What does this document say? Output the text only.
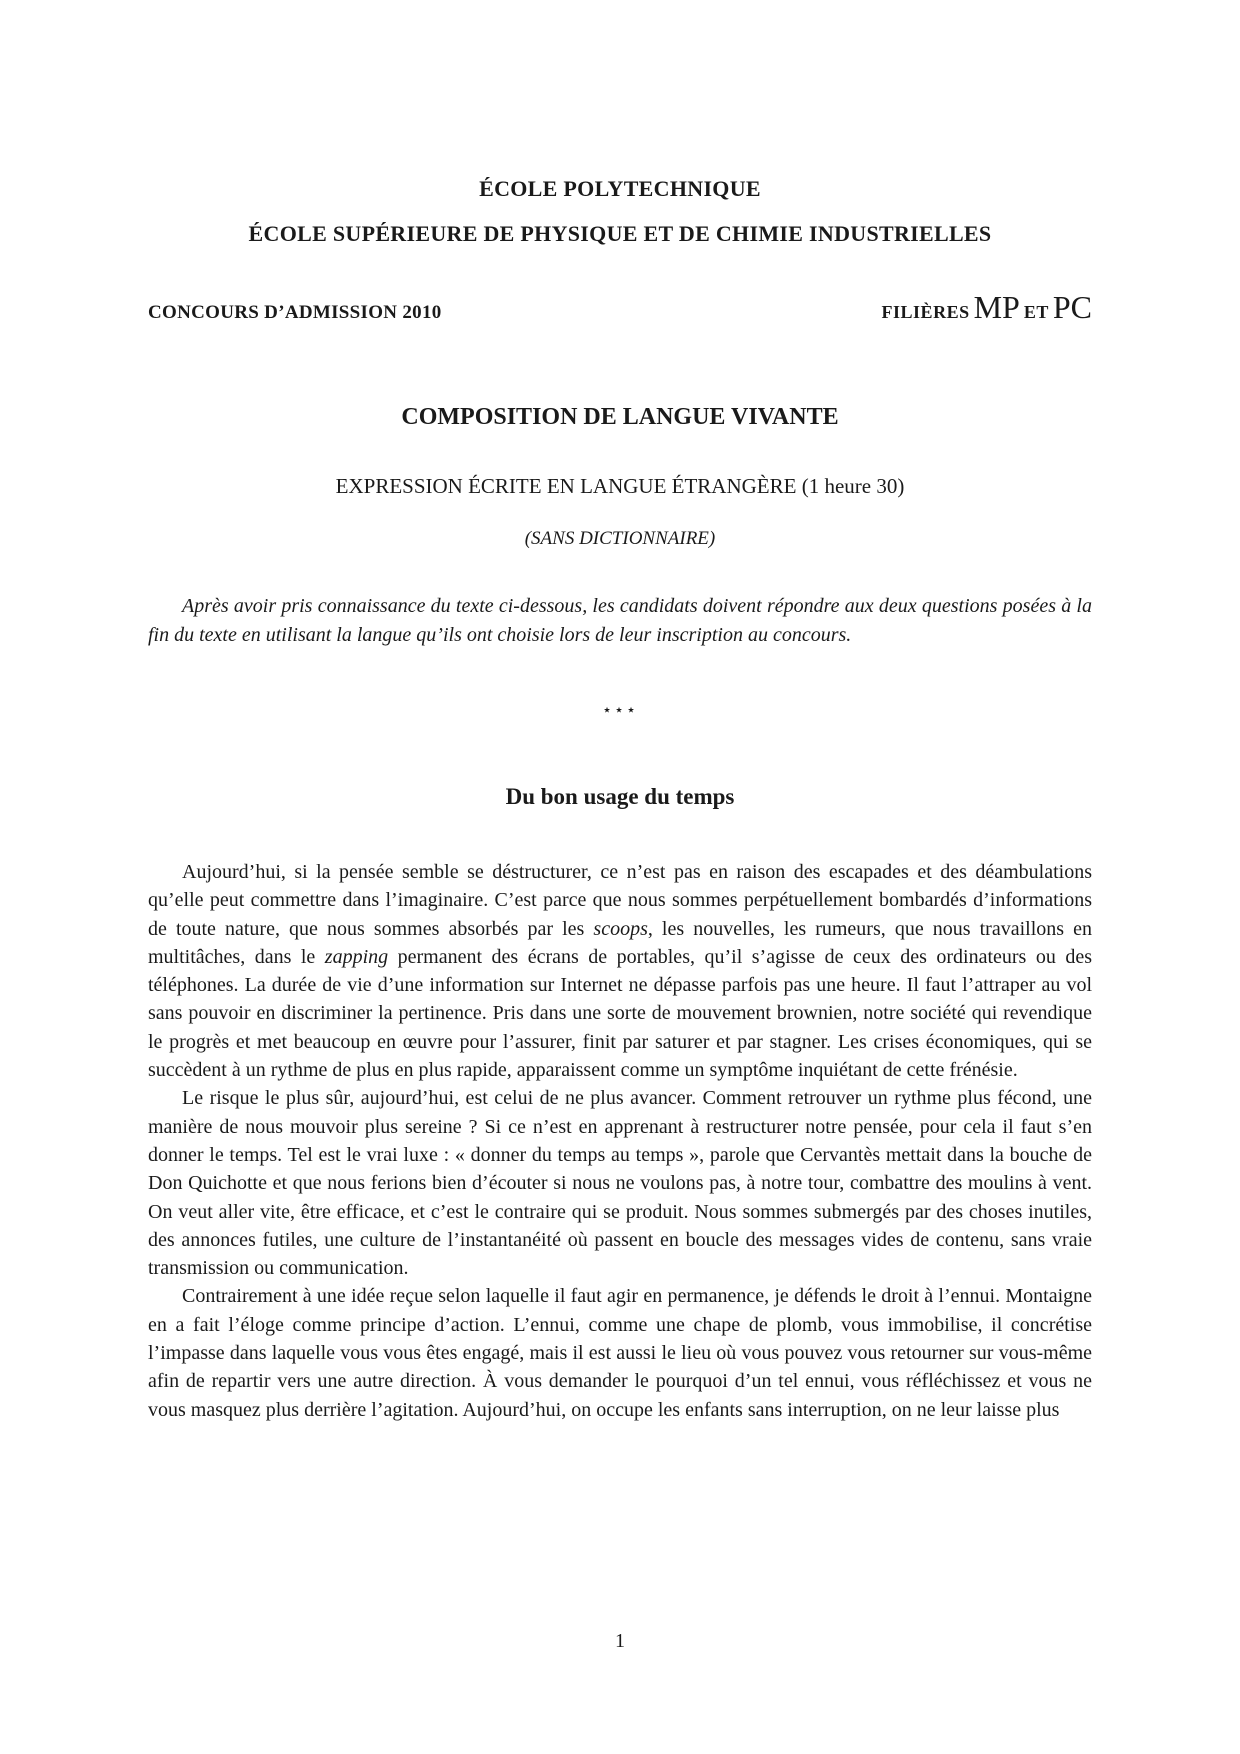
ÉCOLE POLYTECHNIQUE
ÉCOLE SUPÉRIEURE DE PHYSIQUE ET DE CHIMIE INDUSTRIELLES
CONCOURS D’ADMISSION 2010	FILIÈRES MP ET PC
COMPOSITION DE LANGUE VIVANTE
EXPRESSION ÉCRITE EN LANGUE ÉTRANGÈRE (1 heure 30)
(SANS DICTIONNAIRE)

Après avoir pris connaissance du texte ci-dessous, les candidats doivent répondre aux deux questions posées à la fin du texte en utilisant la langue qu’ils ont choisie lors de leur inscription au concours.

⋆⋆⋆
Du bon usage du temps

Aujourd’hui, si la pensée semble se déstructurer, ce n’est pas en raison des escapades et des déambulations qu’elle peut commettre dans l’imaginaire. C’est parce que nous sommes perpétuellement bombardés d’informations de toute nature, que nous sommes absorbés par les scoops, les nouvelles, les rumeurs, que nous travaillons en multitâches, dans le zapping permanent des écrans de portables, qu’il s’agisse de ceux des ordinateurs ou des téléphones. La durée de vie d’une information sur Internet ne dépasse parfois pas une heure. Il faut l’attraper au vol sans pouvoir en discriminer la pertinence. Pris dans une sorte de mouvement brownien, notre société qui revendique le progrès et met beaucoup en œuvre pour l’assurer, finit par saturer et par stagner. Les crises économiques, qui se succèdent à un rythme de plus en plus rapide, apparaissent comme un symptôme inquiétant de cette frénésie.

Le risque le plus sûr, aujourd’hui, est celui de ne plus avancer. Comment retrouver un rythme plus fécond, une manière de nous mouvoir plus sereine ? Si ce n’est en apprenant à restructurer notre pensée, pour cela il faut s’en donner le temps. Tel est le vrai luxe : « donner du temps au temps », parole que Cervantès mettait dans la bouche de Don Quichotte et que nous ferions bien d’écouter si nous ne voulons pas, à notre tour, combattre des moulins à vent. On veut aller vite, être efficace, et c’est le contraire qui se produit. Nous sommes submergés par des choses inutiles, des annonces futiles, une culture de l’instantanéité où passent en boucle des messages vides de contenu, sans vraie transmission ou communication.

Contrairement à une idée reçue selon laquelle il faut agir en permanence, je défends le droit à l’ennui. Montaigne en a fait l’éloge comme principe d’action. L’ennui, comme une chape de plomb, vous immobilise, il concrétise l’impasse dans laquelle vous vous êtes engagé, mais il est aussi le lieu où vous pouvez vous retourner sur vous-même afin de repartir vers une autre direction. À vous demander le pourquoi d’un tel ennui, vous réfléchissez et vous ne vous masquez plus derrière l’agitation. Aujourd’hui, on occupe les enfants sans interruption, on ne leur laisse plus

1
